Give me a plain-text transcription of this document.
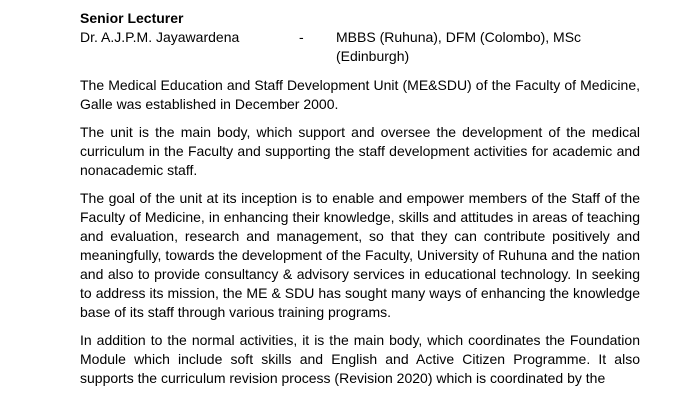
Senior Lecturer
Dr. A.J.P.M. Jayawardena	-	MBBS (Ruhuna), DFM (Colombo), MSc (Edinburgh)

The Medical Education and Staff Development Unit (ME&SDU) of the Faculty of Medicine, Galle was established in December 2000.

The unit is the main body, which support and oversee the development of the medical curriculum in the Faculty and supporting the staff development activities for academic and nonacademic staff.

The goal of the unit at its inception is to enable and empower members of the Staff of the Faculty of Medicine, in enhancing their knowledge, skills and attitudes in areas of teaching and evaluation, research and management, so that they can contribute positively and meaningfully, towards the development of the Faculty, University of Ruhuna and the nation and also to provide consultancy & advisory services in educational technology. In seeking to address its mission, the ME & SDU has sought many ways of enhancing the knowledge base of its staff through various training programs.

In addition to the normal activities, it is the main body, which coordinates the Foundation Module which include soft skills and English and Active Citizen Programme. It also supports the curriculum revision process (Revision 2020) which is coordinated by the
